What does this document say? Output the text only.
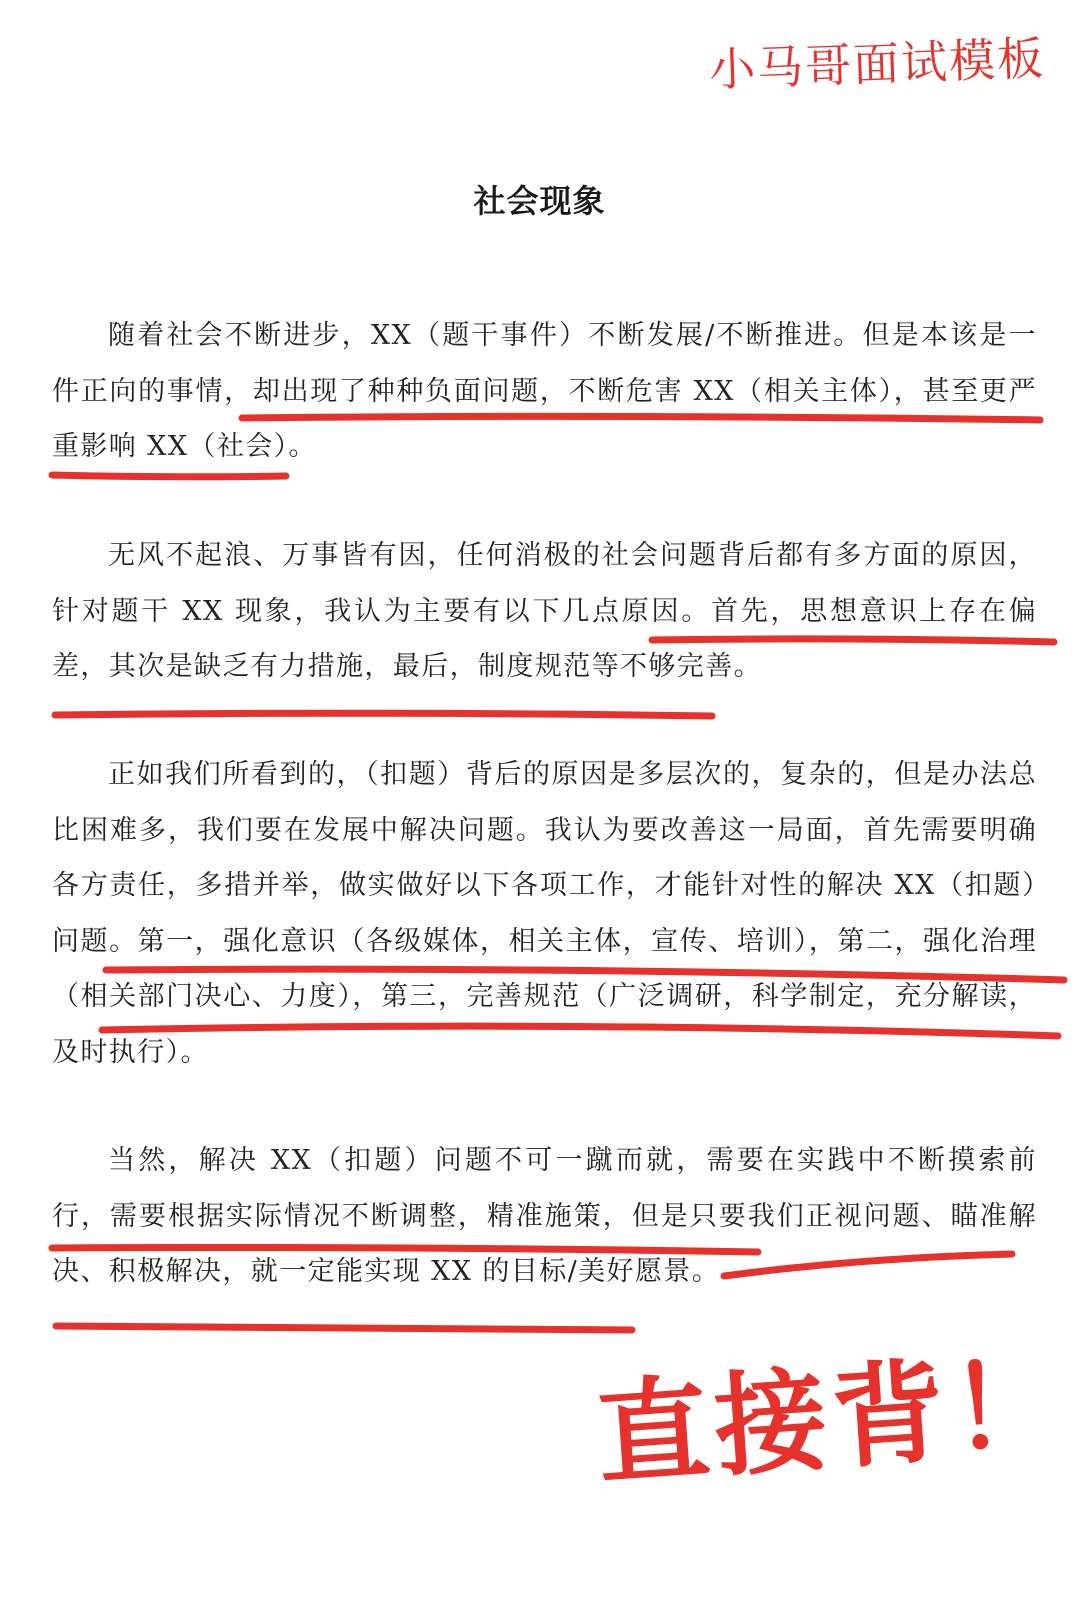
小马哥面试模板
社会现象
随着社会不断进步，XX（题干事件）不断发展/不断推进。但是本该是一件正向的事情，却出现了种种负面问题，不断危害 XX（相关主体），甚至更严重影响 XX（社会）。
无风不起浪、万事皆有因，任何消极的社会问题背后都有多方面的原因，针对题干 XX 现象，我认为主要有以下几点原因。首先，思想意识上存在偏差，其次是缺乏有力措施，最后，制度规范等不够完善。
正如我们所看到的，（扣题）背后的原因是多层次的，复杂的，但是办法总比困难多，我们要在发展中解决问题。我认为要改善这一局面，首先需要明确各方责任，多措并举，做实做好以下各项工作，才能针对性的解决 XX（扣题）问题。第一，强化意识（各级媒体，相关主体，宣传、培训），第二，强化治理（相关部门决心、力度），第三，完善规范（广泛调研，科学制定，充分解读，及时执行）。
当然，解决 XX（扣题）问题不可一蹴而就，需要在实践中不断摸索前行，需要根据实际情况不断调整，精准施策，但是只要我们正视问题、瞄准解决、积极解决，就一定能实现 XX 的目标/美好愿景。
直接背！
